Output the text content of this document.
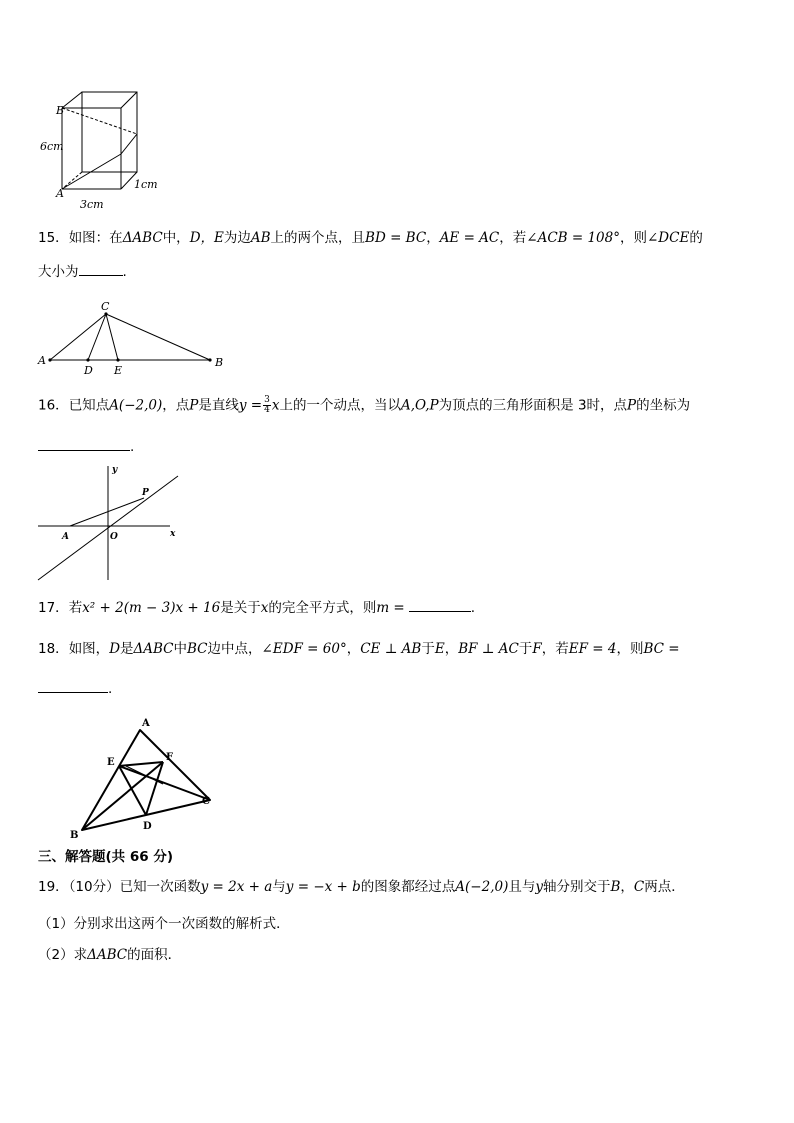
B
A
6cm
3cm
1cm
15．如图：在ΔABC中，D，E为边AB上的两个点，且BD = BC，AE = AC，若∠ACB = 108°，则∠DCE的
大小为	.
C
A	B
D E
16．已知点A(−2,0)，点P是直线$y = \frac{3}{4}$ x上的一个动点，当以A,O,P为顶点的三角形面积是 3时，点P的坐标为
.
y
x
P
A	O
17．若x² + 2(m − 3)x + 16是关于x的完全平方式，则m =	.
18．如图，D是ΔABC中BC边中点，∠EDF = 60°，CE ⊥ AB于E，BF ⊥ AC于F，若EF = 4，则BC =
.
A
E	F
C
B
D
三、解答题(共 66 分)
19．（10分）已知一次函数y = 2x + a与y = −x + b的图象都经过点A(−2,0)且与y轴分别交于B，C两点．
（1）分别求出这两个一次函数的解析式．
（2）求ΔABC的面积．
